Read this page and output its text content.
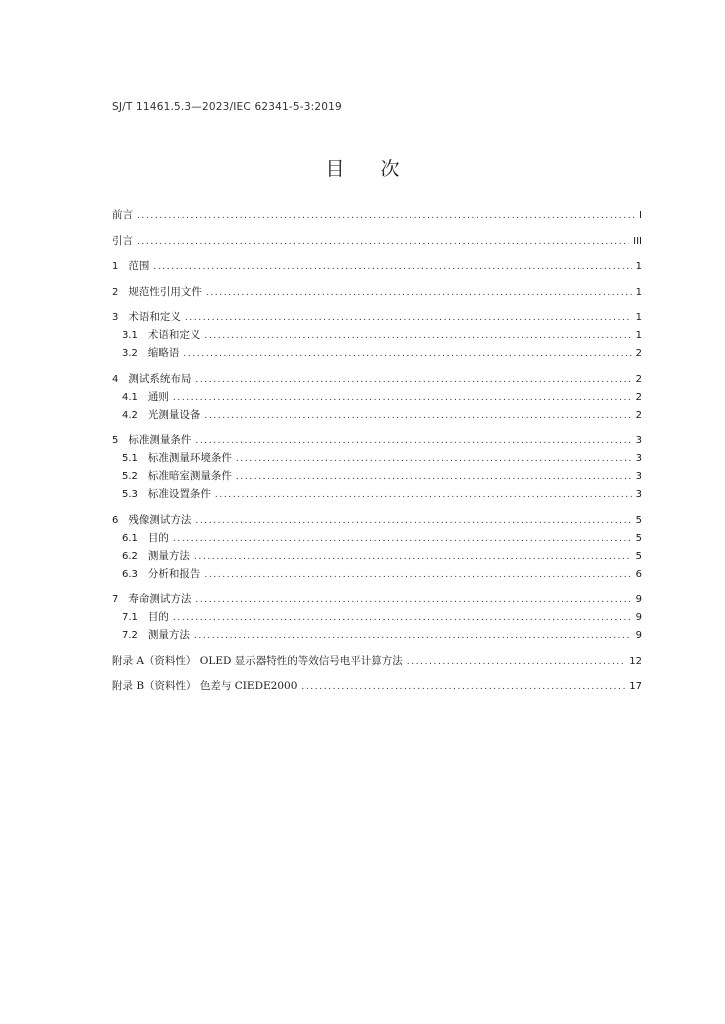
SJ/T 11461.5.3—2023/IEC 62341-5-3:2019
目次
前言 .....	I
引言 .....	III
1 范围 .....	1
2 规范性引用文件 .....	1
3 术语和定义 .....	1
3.1 术语和定义 .....	1
3.2 缩略语 .....	2
4 测试系统布局 .....	2
4.1 通则 .....	2
4.2 光测量设备 .....	2
5 标准测量条件 .....	3
5.1 标准测量环境条件 .....	3
5.2 标准暗室测量条件 .....	3
5.3 标准设置条件 .....	3
6 残像测试方法 .....	5
6.1 目的 .....	5
6.2 测量方法 .....	5
6.3 分析和报告 .....	6
7 寿命测试方法 .....	9
7.1 目的 .....	9
7.2 测量方法 .....	9
附录 A（资料性） OLED 显示器特性的等效信号电平计算方法 .....	12
附录 B（资料性） 色差与 CIEDE2000 .....	17
